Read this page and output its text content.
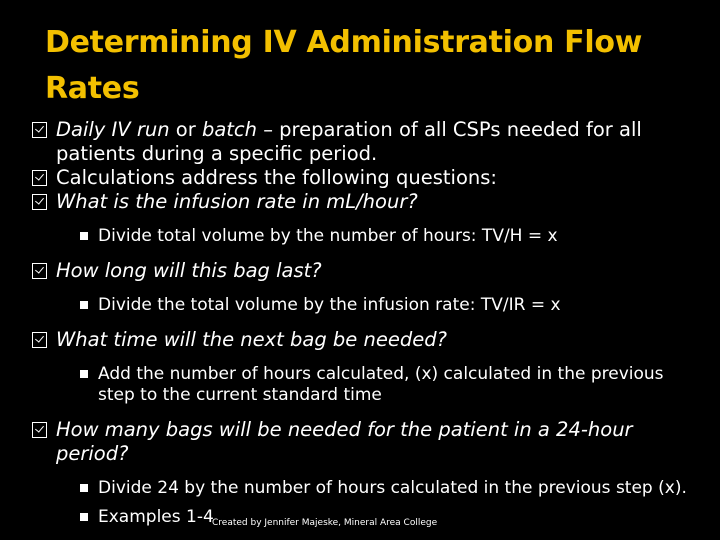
Determining IV Administration Flow Rates
Daily IV run or batch – preparation of all CSPs needed for all patients during a specific period.
Calculations address the following questions:
What is the infusion rate in mL/hour?
Divide total volume by the number of hours: TV/H = x
How long will this bag last?
Divide the total volume by the infusion rate: TV/IR = x
What time will the next bag be needed?
Add the number of hours calculated, (x) calculated in the previous step to the current standard time
How many bags will be needed for the patient in a 24-hour period?
Divide 24 by the number of hours calculated in the previous step (x).
Examples 1-4
Created by Jennifer Majeske, Mineral Area College
